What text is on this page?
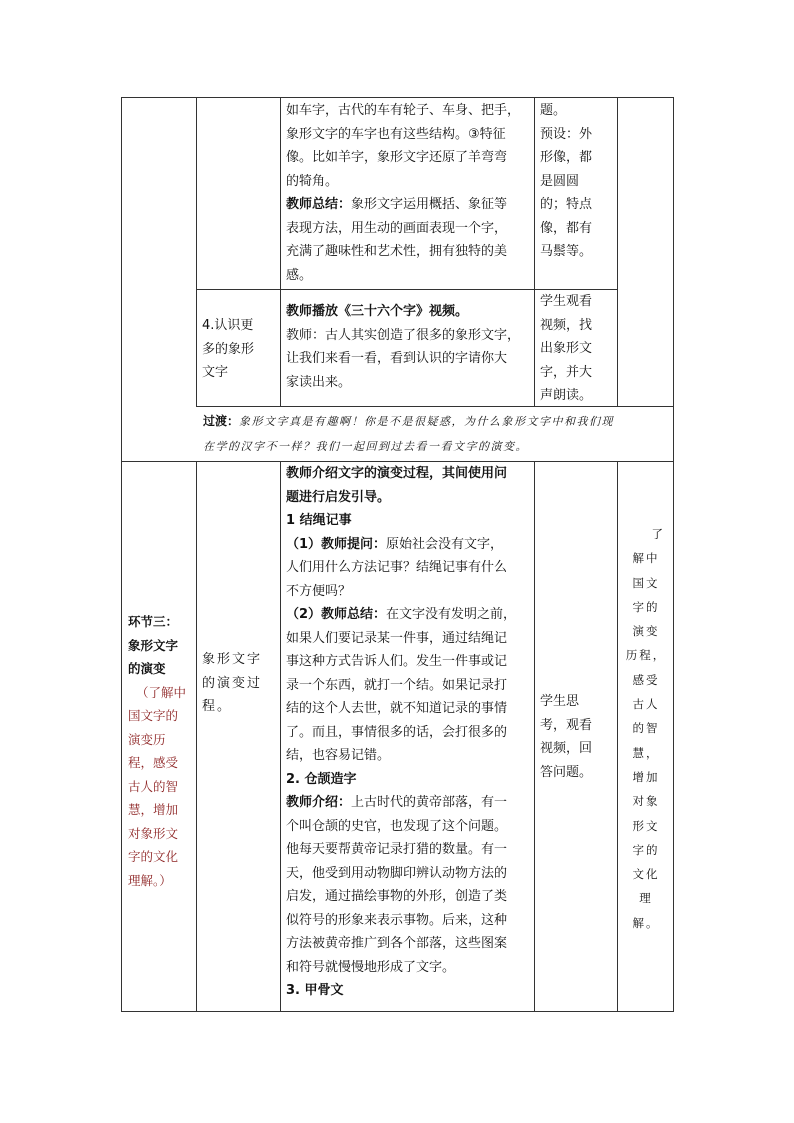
如车字，古代的车有轮子、车身、把手，

象形文字的车字也有这些结构。③特征

像。比如羊字，象形文字还原了羊弯弯

的犄角。

教师总结：象形文字运用概括、象征等

表现方法，用生动的画面表现一个字，

充满了趣味性和艺术性，拥有独特的美

感。

题。

预设：外

形像，都

是圆圆

的；特点

像，都有

马鬃等。

4.认识更

多的象形

文字

教师播放《三十六个字》视频。

教师：古人其实创造了很多的象形文字，

让我们来看一看，看到认识的字请你大

家读出来。

学生观看

视频，找

出象形文

字，并大

声朗读。

过渡：象形文字真是有趣啊！你是不是很疑惑，为什么象形文字中和我们现

在学的汉字不一样？我们一起回到过去看一看文字的演变。

环节三：

象形文字

的演变

（了解中

国文字的

演变历

程，感受

古人的智

慧，增加

对象形文

字的文化

理解。）

象形文字

的演变过

程。

教师介绍文字的演变过程，其间使用问

题进行启发引导。

1 结绳记事

（1）教师提问：原始社会没有文字，

人们用什么方法记事？结绳记事有什么

不方便吗？

（2）教师总结：在文字没有发明之前，

如果人们要记录某一件事，通过结绳记

事这种方式告诉人们。发生一件事或记

录一个东西，就打一个结。如果记录打

结的这个人去世，就不知道记录的事情

了。而且，事情很多的话，会打很多的

结，也容易记错。

2. 仓颉造字

教师介绍：上古时代的黄帝部落，有一

个叫仓颉的史官，也发现了这个问题。

他每天要帮黄帝记录打猎的数量。有一

天，他受到用动物脚印辨认动物方法的

启发，通过描绘事物的外形，创造了类

似符号的形象来表示事物。后来，这种

方法被黄帝推广到各个部落，这些图案

和符号就慢慢地形成了文字。

3. 甲骨文

学生思

考，观看

视频，回

答问题。

了

解中

国文

字的

演变

历程，

感受

古人

的智

慧，

增加

对象

形文

字的

文化

理

解。
